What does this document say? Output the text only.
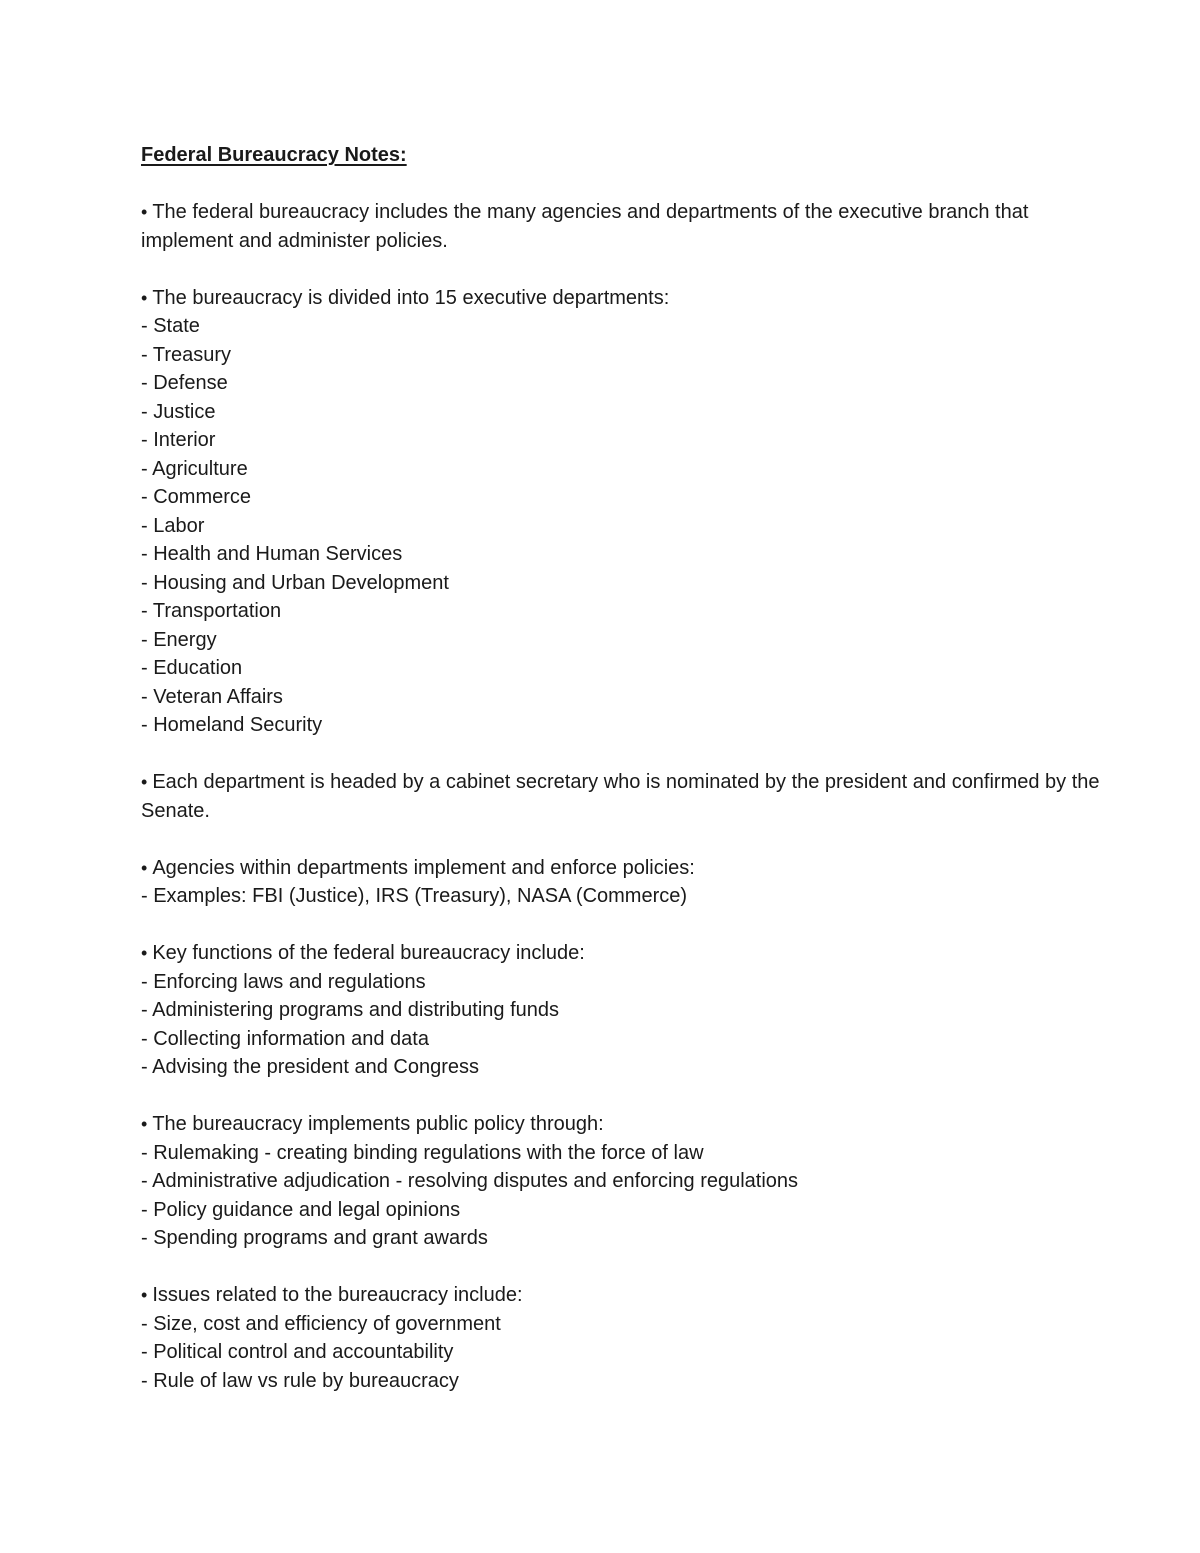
Federal Bureaucracy Notes:

• The federal bureaucracy includes the many agencies and departments of the executive branch that implement and administer policies.

• The bureaucracy is divided into 15 executive departments:

- State

- Treasury

- Defense

- Justice

- Interior

- Agriculture

- Commerce

- Labor

- Health and Human Services

- Housing and Urban Development

- Transportation

- Energy

- Education

- Veteran Affairs

- Homeland Security

• Each department is headed by a cabinet secretary who is nominated by the president and confirmed by the Senate.

• Agencies within departments implement and enforce policies:

- Examples: FBI (Justice), IRS (Treasury), NASA (Commerce)

• Key functions of the federal bureaucracy include:

- Enforcing laws and regulations

- Administering programs and distributing funds

- Collecting information and data

- Advising the president and Congress

• The bureaucracy implements public policy through:

- Rulemaking - creating binding regulations with the force of law

- Administrative adjudication - resolving disputes and enforcing regulations

- Policy guidance and legal opinions

- Spending programs and grant awards

• Issues related to the bureaucracy include:

- Size, cost and efficiency of government

- Political control and accountability

- Rule of law vs rule by bureaucracy
